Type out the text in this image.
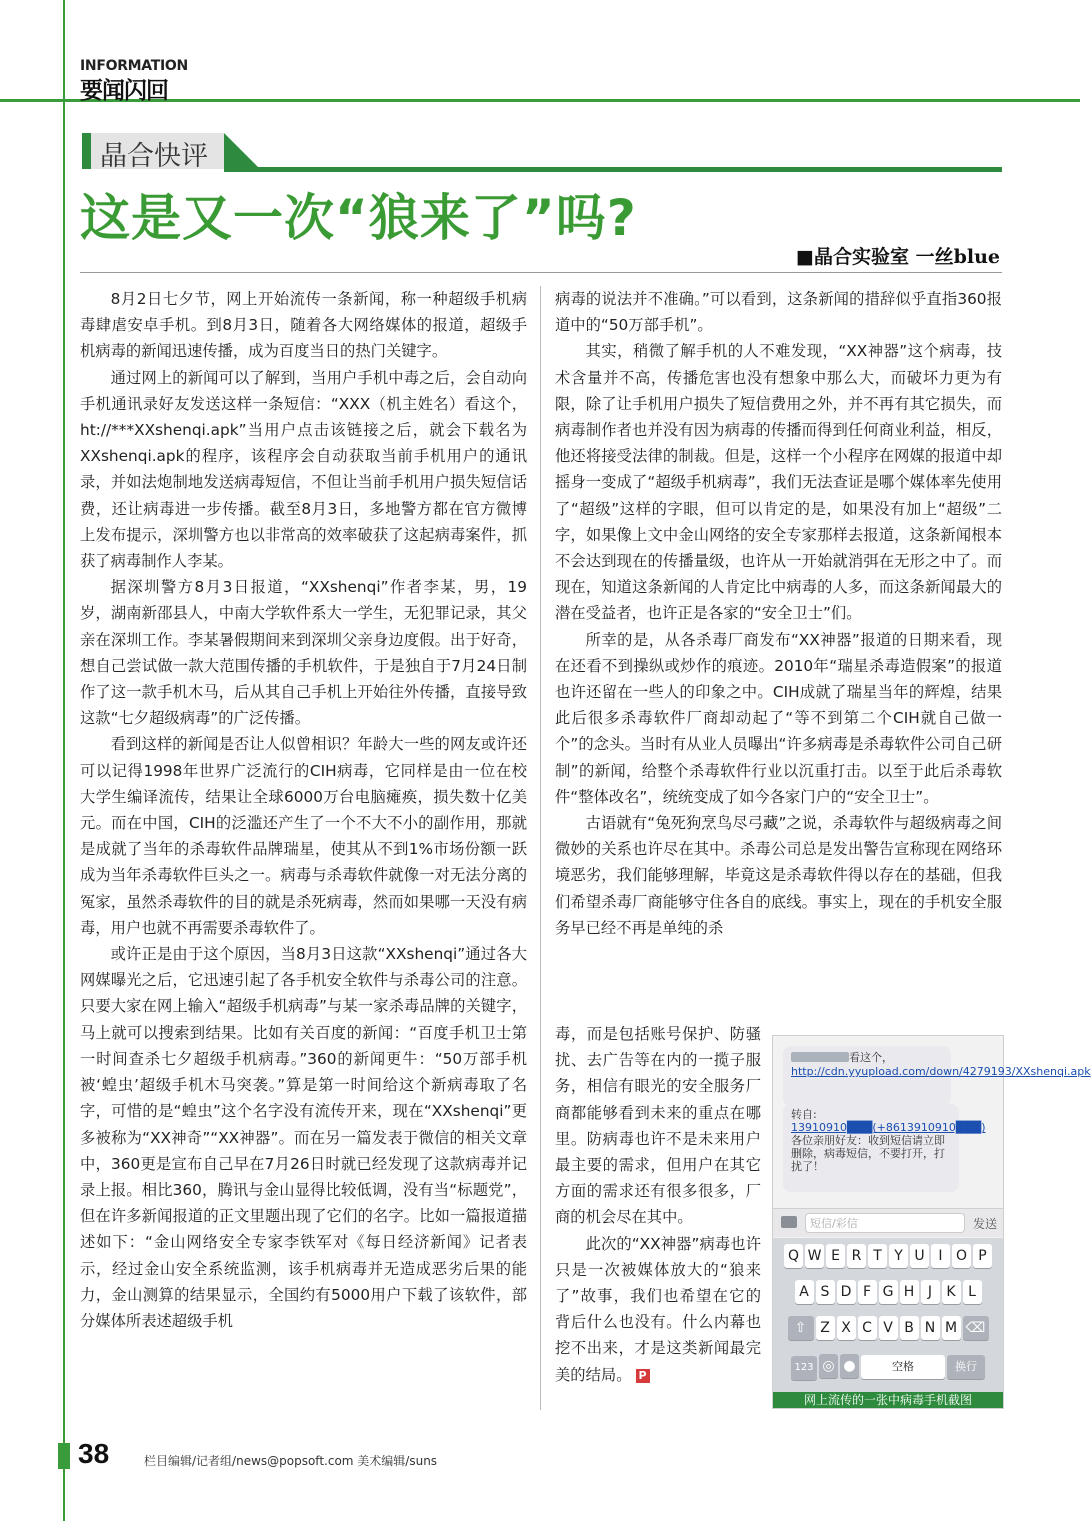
INFORMATION
要闻闪回
晶合快评
这是又一次“狼来了”吗?
■晶合实验室 一丝blue

8月2日七夕节，网上开始流传一条新闻，称一种超级手机病毒肆虐安卓手机。到8月3日，随着各大网络媒体的报道，超级手机病毒的新闻迅速传播，成为百度当日的热门关键字。

通过网上的新闻可以了解到，当用户手机中毒之后，会自动向手机通讯录好友发送这样一条短信：“XXX（机主姓名）看这个，ht://***XXshenqi.apk”当用户点击该链接之后，就会下载名为XXshenqi.apk的程序，该程序会自动获取当前手机用户的通讯录，并如法炮制地发送病毒短信，不但让当前手机用户损失短信话费，还让病毒进一步传播。截至8月3日，多地警方都在官方微博上发布提示，深圳警方也以非常高的效率破获了这起病毒案件，抓获了病毒制作人李某。

据深圳警方8月3日报道，“XXshenqi”作者李某，男，19岁，湖南新邵县人，中南大学软件系大一学生，无犯罪记录，其父亲在深圳工作。李某暑假期间来到深圳父亲身边度假。出于好奇，想自己尝试做一款大范围传播的手机软件，于是独自于7月24日制作了这一款手机木马，后从其自己手机上开始往外传播，直接导致这款“七夕超级病毒”的广泛传播。

看到这样的新闻是否让人似曾相识？年龄大一些的网友或许还可以记得1998年世界广泛流行的CIH病毒，它同样是由一位在校大学生编译流传，结果让全球6000万台电脑瘫痪，损失数十亿美元。而在中国，CIH的泛滥还产生了一个不大不小的副作用，那就是成就了当年的杀毒软件品牌瑞星，使其从不到1%市场份额一跃成为当年杀毒软件巨头之一。病毒与杀毒软件就像一对无法分离的冤家，虽然杀毒软件的目的就是杀死病毒，然而如果哪一天没有病毒，用户也就不再需要杀毒软件了。

或许正是由于这个原因，当8月3日这款“XXshenqi”通过各大网媒曝光之后，它迅速引起了各手机安全软件与杀毒公司的注意。只要大家在网上输入“超级手机病毒”与某一家杀毒品牌的关键字，马上就可以搜索到结果。比如有关百度的新闻：“百度手机卫士第一时间查杀七夕超级手机病毒。”360的新闻更牛：“50万部手机被‘蝗虫’超级手机木马突袭。”算是第一时间给这个新病毒取了名字，可惜的是“蝗虫”这个名字没有流传开来，现在“XXshenqi”更多被称为“XX神奇”“XX神器”。而在另一篇发表于微信的相关文章中，360更是宣布自己早在7月26日时就已经发现了这款病毒并记录上报。相比360，腾讯与金山显得比较低调，没有当“标题党”，但在许多新闻报道的正文里题出现了它们的名字。比如一篇报道描述如下：“金山网络安全专家李铁军对《每日经济新闻》记者表示，经过金山安全系统监测，该手机病毒并无造成恶劣后果的能力，金山测算的结果显示，全国约有5000用户下载了该软件，部分媒体所表述超级手机

病毒的说法并不准确。”可以看到，这条新闻的措辞似乎直指360报道中的“50万部手机”。

其实，稍微了解手机的人不难发现，“XX神器”这个病毒，技术含量并不高，传播危害也没有想象中那么大，而破坏力更为有限，除了让手机用户损失了短信费用之外，并不再有其它损失，而病毒制作者也并没有因为病毒的传播而得到任何商业利益，相反，他还将接受法律的制裁。但是，这样一个小程序在网媒的报道中却摇身一变成了“超级手机病毒”，我们无法查证是哪个媒体率先使用了“超级”这样的字眼，但可以肯定的是，如果没有加上“超级”二字，如果像上文中金山网络的安全专家那样去报道，这条新闻根本不会达到现在的传播量级，也许从一开始就消弭在无形之中了。而现在，知道这条新闻的人肯定比中病毒的人多，而这条新闻最大的潜在受益者，也许正是各家的“安全卫士”们。

所幸的是，从各杀毒厂商发布“XX神器”报道的日期来看，现在还看不到操纵或炒作的痕迹。2010年“瑞星杀毒造假案”的报道也许还留在一些人的印象之中。CIH成就了瑞星当年的辉煌，结果此后很多杀毒软件厂商却动起了“等不到第二个CIH就自己做一个”的念头。当时有从业人员曝出“许多病毒是杀毒软件公司自己研制”的新闻，给整个杀毒软件行业以沉重打击。以至于此后杀毒软件“整体改名”，统统变成了如今各家门户的“安全卫士”。

古语就有“兔死狗烹鸟尽弓藏”之说，杀毒软件与超级病毒之间微妙的关系也许尽在其中。杀毒公司总是发出警告宣称现在网络环境恶劣，我们能够理解，毕竟这是杀毒软件得以存在的基础，但我们希望杀毒厂商能够守住各自的底线。事实上，现在的手机安全服务早已经不再是单纯的杀

毒，而是包括账号保护、防骚扰、去广告等在内的一揽子服务，相信有眼光的安全服务厂商都能够看到未来的重点在哪里。防病毒也许不是未来用户最主要的需求，但用户在其它方面的需求还有很多很多，厂商的机会尽在其中。

此次的“XX神器”病毒也许只是一次被媒体放大的“狼来了”故事，我们也希望在它的背后什么也没有。什么内幕也挖不出来，才是这类新闻最完美的结局。 P

看这个， http://cdn.yyupload.com/down/4279193/XXshenqi.apk
转自:
13910910███(+8613910910███)
各位亲朋好友：收到短信请立即删除，病毒短信，不要打开，打扰了！
短信/彩信	发送
Q W E R T Y U I O P
A S D F G H J K L
⇧ Z X C V B N M ⌫
123 ◎ ●	空格	换行
网上流传的一张中病毒手机截图
38	栏目编辑/记者组/news@popsoft.com 美术编辑/suns
